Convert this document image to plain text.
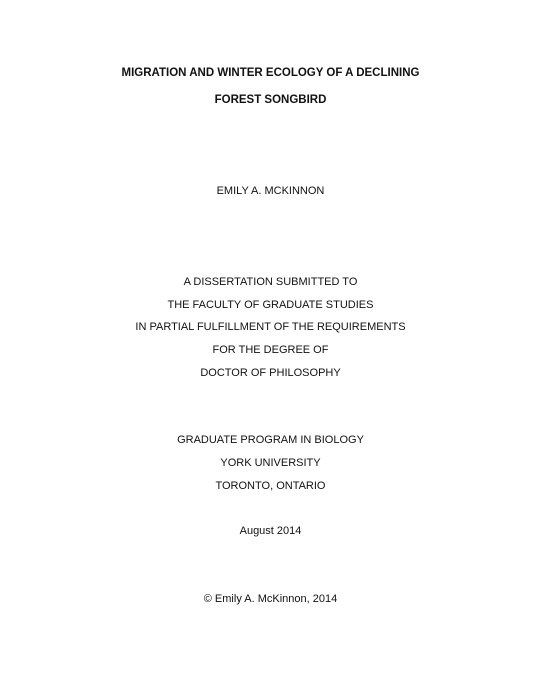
MIGRATION AND WINTER ECOLOGY OF A DECLINING
FOREST SONGBIRD
EMILY A. MCKINNON
A DISSERTATION SUBMITTED TO
THE FACULTY OF GRADUATE STUDIES
IN PARTIAL FULFILLMENT OF THE REQUIREMENTS
FOR THE DEGREE OF
DOCTOR OF PHILOSOPHY
GRADUATE PROGRAM IN BIOLOGY
YORK UNIVERSITY
TORONTO, ONTARIO
August 2014
© Emily A. McKinnon, 2014
